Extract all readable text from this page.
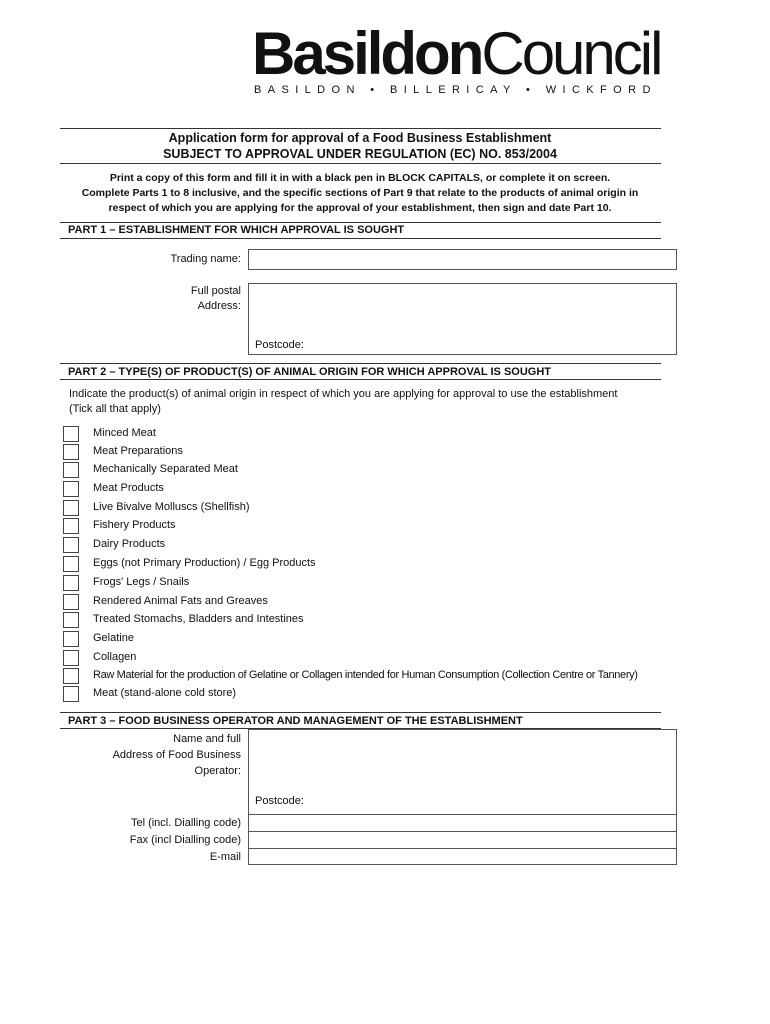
BasildonCouncil
BASILDON • BILLERICAY • WICKFORD
Application form for approval of a Food Business Establishment
SUBJECT TO APPROVAL UNDER REGULATION (EC) NO. 853/2004
Print a copy of this form and fill it in with a black pen in BLOCK CAPITALS, or complete it on screen.
Complete Parts 1 to 8 inclusive, and the specific sections of Part 9 that relate to the products of animal origin in
respect of which you are applying for the approval of your establishment, then sign and date Part 10.
PART 1 – ESTABLISHMENT FOR WHICH APPROVAL IS SOUGHT
Trading name:
Full postal
Address:
Postcode:
PART 2 – TYPE(S) OF PRODUCT(S) OF ANIMAL ORIGIN FOR WHICH APPROVAL IS SOUGHT
Indicate the product(s) of animal origin in respect of which you are applying for approval to use the establishment
(Tick all that apply)
Minced Meat
Meat Preparations
Mechanically Separated Meat
Meat Products
Live Bivalve Molluscs (Shellfish)
Fishery Products
Dairy Products
Eggs (not Primary Production) / Egg Products
Frogs' Legs / Snails
Rendered Animal Fats and Greaves
Treated Stomachs, Bladders and Intestines
Gelatine
Collagen
Raw Material for the production of Gelatine or Collagen intended for Human Consumption (Collection Centre or Tannery)
Meat (stand-alone cold store)
PART 3 – FOOD BUSINESS OPERATOR AND MANAGEMENT OF THE ESTABLISHMENT
Name and full
Address of Food Business
Operator:
Postcode:
Tel (incl. Dialling code)
Fax (incl Dialling code)
E-mail
